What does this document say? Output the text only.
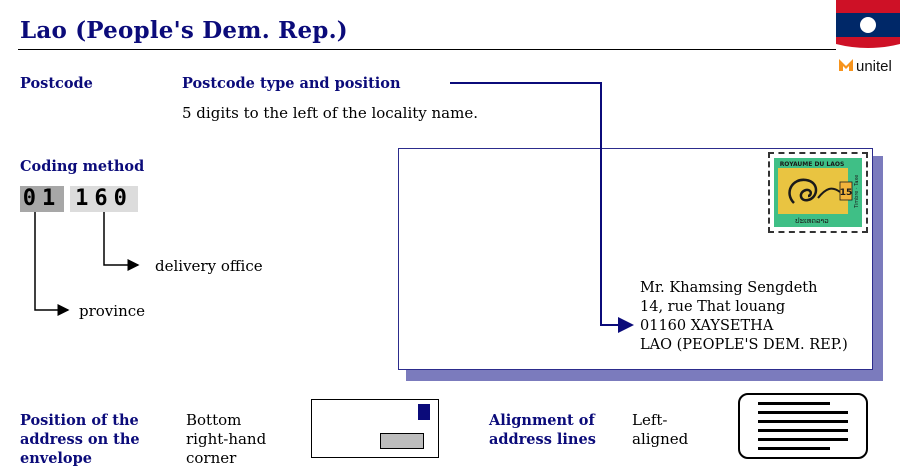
Lao (People's Dem. Rep.)
unitel
Postcode	Postcode type and position
5 digits to the left of the locality name.
Coding method
01 160
delivery office
province
15
ROYAUME DU LAOS
ປະເທດລາວ
Timbre · Taxe
Mr. Khamsing Sengdeth
14, rue That louang
01160 XAYSETHA
LAO (PEOPLE'S DEM. REP.)
Position of the
address on the
envelope
Bottom
right-hand
corner
Alignment of
address lines
Left-
aligned
